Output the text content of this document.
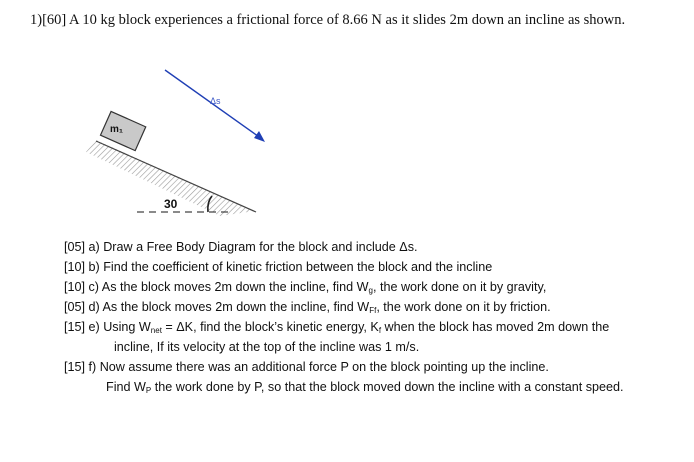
1)[60] A 10 kg block experiences a frictional force of 8.66 N as it slides 2m down an incline as shown.
m₁
Δs
30
[05] a) Draw a Free Body Diagram for the block and include Δs.
[10] b) Find the coefficient of kinetic friction between the block and the incline
[10] c) As the block moves 2m down the incline, find $W_g$, the work done on it by gravity,
[05] d) As the block moves 2m down the incline, find $W_{Ff}$, the work done on it by friction.
[15] e) Using $W_{net} = \Delta K$, find the block’s kinetic energy, $K_f$ when the block has moved 2m down the
incline, If its velocity at the top of the incline was 1 m/s.
[15] f) Now assume there was an additional force P on the block pointing up the incline.
Find $W_P$ the work done by P, so that the block moved down the incline with a constant speed.
